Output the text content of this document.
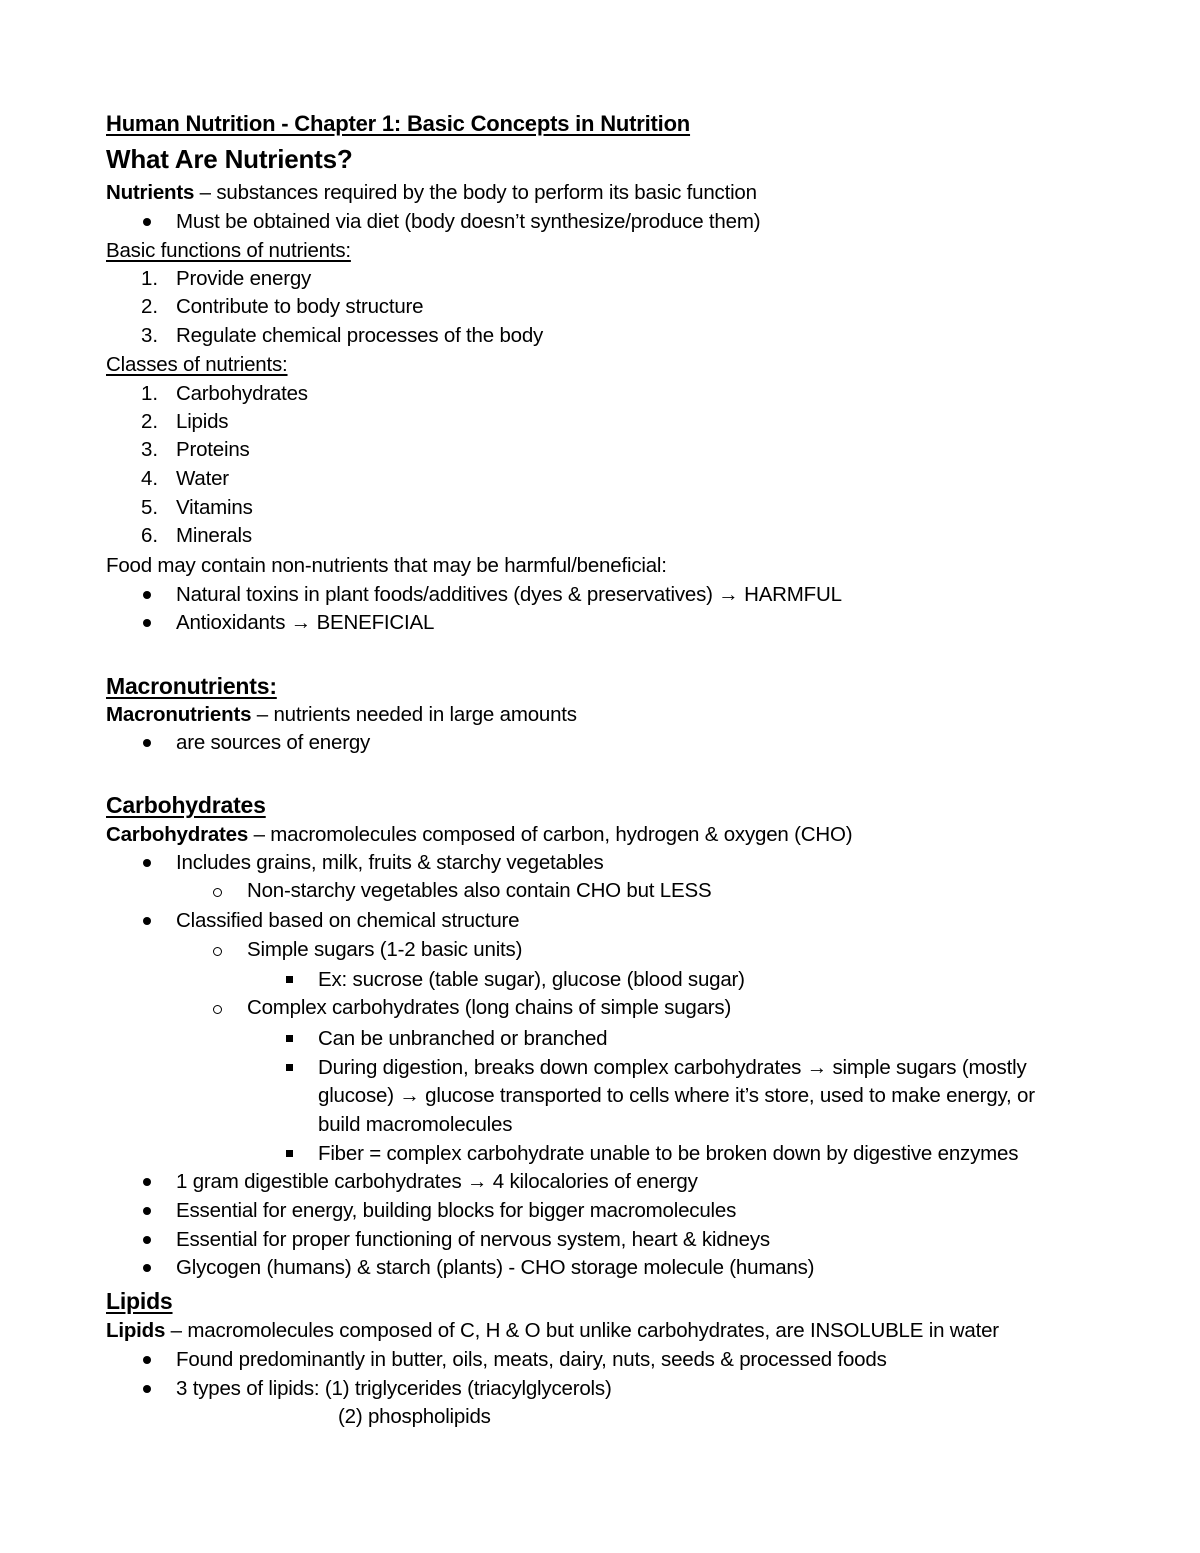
Human Nutrition - Chapter 1: Basic Concepts in Nutrition
What Are Nutrients?
Nutrients – substances required by the body to perform its basic function
Must be obtained via diet (body doesn’t synthesize/produce them)
Basic functions of nutrients:
1. Provide energy
2. Contribute to body structure
3. Regulate chemical processes of the body
Classes of nutrients:
1. Carbohydrates
2. Lipids
3. Proteins
4. Water
5. Vitamins
6. Minerals
Food may contain non-nutrients that may be harmful/beneficial:
Natural toxins in plant foods/additives (dyes & preservatives) → HARMFUL
Antioxidants → BENEFICIAL
Macronutrients:
Macronutrients – nutrients needed in large amounts
are sources of energy
Carbohydrates
Carbohydrates – macromolecules composed of carbon, hydrogen & oxygen (CHO)
Includes grains, milk, fruits & starchy vegetables
Non-starchy vegetables also contain CHO but LESS
Classified based on chemical structure
Simple sugars (1-2 basic units)
Ex: sucrose (table sugar), glucose (blood sugar)
Complex carbohydrates (long chains of simple sugars)
Can be unbranched or branched
During digestion, breaks down complex carbohydrates → simple sugars (mostly
glucose) → glucose transported to cells where it’s store, used to make energy, or
build macromolecules
Fiber = complex carbohydrate unable to be broken down by digestive enzymes
1 gram digestible carbohydrates → 4 kilocalories of energy
Essential for energy, building blocks for bigger macromolecules
Essential for proper functioning of nervous system, heart & kidneys
Glycogen (humans) & starch (plants) - CHO storage molecule (humans)
Lipids
Lipids – macromolecules composed of C, H & O but unlike carbohydrates, are INSOLUBLE in water
Found predominantly in butter, oils, meats, dairy, nuts, seeds & processed foods
3 types of lipids: (1) triglycerides (triacylglycerols)
(2) phospholipids
